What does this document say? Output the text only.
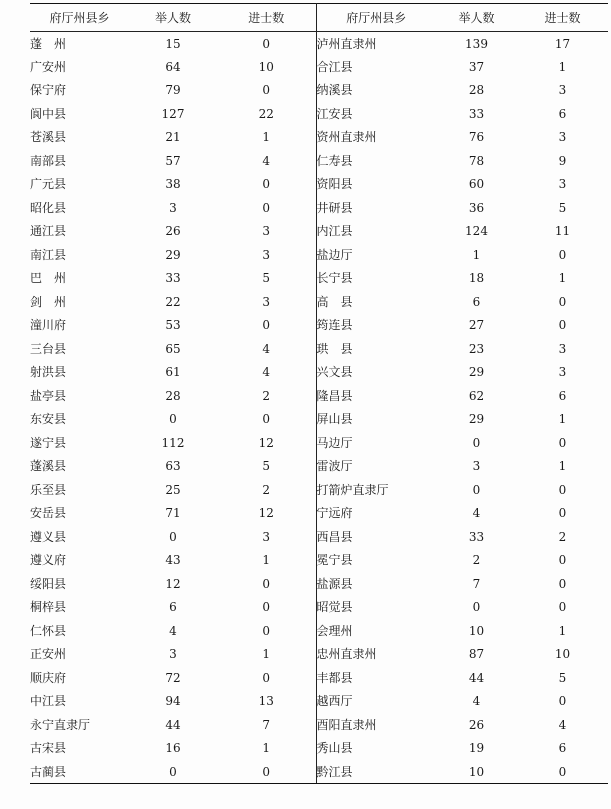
府厅州县乡	举人数	进士数	府厅州县乡	举人数	进士数
蓬　州	15	0	泸州直隶州	139	17
广安州	64	10	合江县	37	1
保宁府	79	0	纳溪县	28	3
阆中县	127	22	江安县	33	6
苍溪县	21	1	资州直隶州	76	3
南部县	57	4	仁寿县	78	9
广元县	38	0	资阳县	60	3
昭化县	3	0	井研县	36	5
通江县	26	3	内江县	124	11
南江县	29	3	盐边厅	1	0
巴　州	33	5	长宁县	18	1
剑　州	22	3	高　县	6	0
潼川府	53	0	筠连县	27	0
三台县	65	4	珙　县	23	3
射洪县	61	4	兴文县	29	3
盐亭县	28	2	隆昌县	62	6
东安县	0	0	屏山县	29	1
遂宁县	112	12	马边厅	0	0
蓬溪县	63	5	雷波厅	3	1
乐至县	25	2	打箭炉直隶厅	0	0
安岳县	71	12	宁远府	4	0
遵义县	0	3	西昌县	33	2
遵义府	43	1	冕宁县	2	0
绥阳县	12	0	盐源县	7	0
桐梓县	6	0	昭觉县	0	0
仁怀县	4	0	会理州	10	1
正安州	3	1	忠州直隶州	87	10
顺庆府	72	0	丰都县	44	5
中江县	94	13	越西厅	4	0
永宁直隶厅	44	7	酉阳直隶州	26	4
古宋县	16	1	秀山县	19	6
古蔺县	0	0	黔江县	10	0
